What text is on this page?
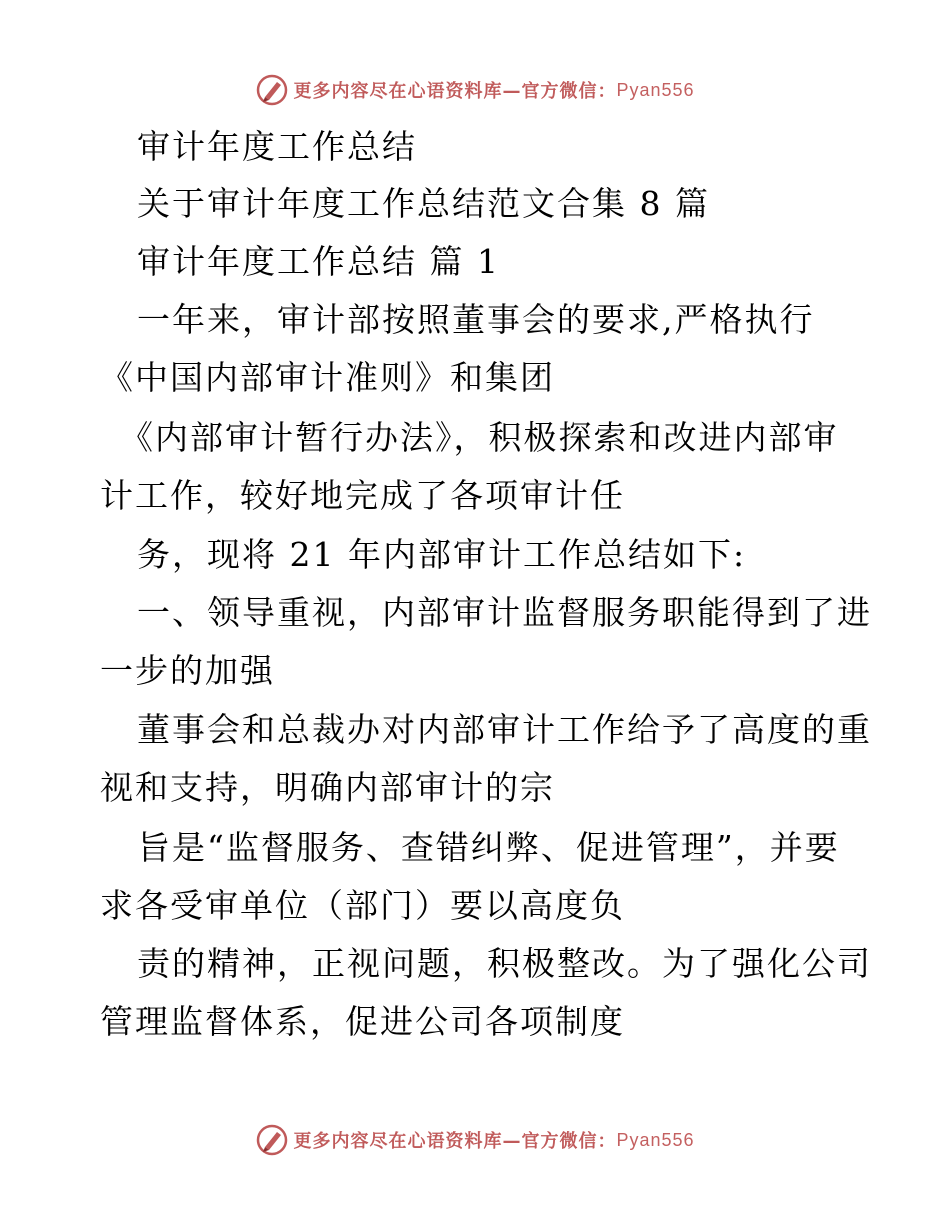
更多内容尽在心语资料库—官方微信： Pyan556
审计年度工作总结
关于审计年度工作总结范文合集 8 篇
审计年度工作总结 篇 1
一年来，审计部按照董事会的要求,严格执行
《中国内部审计准则》和集团
《内部审计暂行办法》，积极探索和改进内部审
计工作，较好地完成了各项审计任
务，现将 21 年内部审计工作总结如下:
一、领导重视，内部审计监督服务职能得到了进
一步的加强
董事会和总裁办对内部审计工作给予了高度的重
视和支持，明确内部审计的宗
旨是“监督服务、查错纠弊、促进管理”，并要
求各受审单位（部门）要以高度负
责的精神，正视问题，积极整改。为了强化公司
管理监督体系，促进公司各项制度
更多内容尽在心语资料库—官方微信： Pyan556
